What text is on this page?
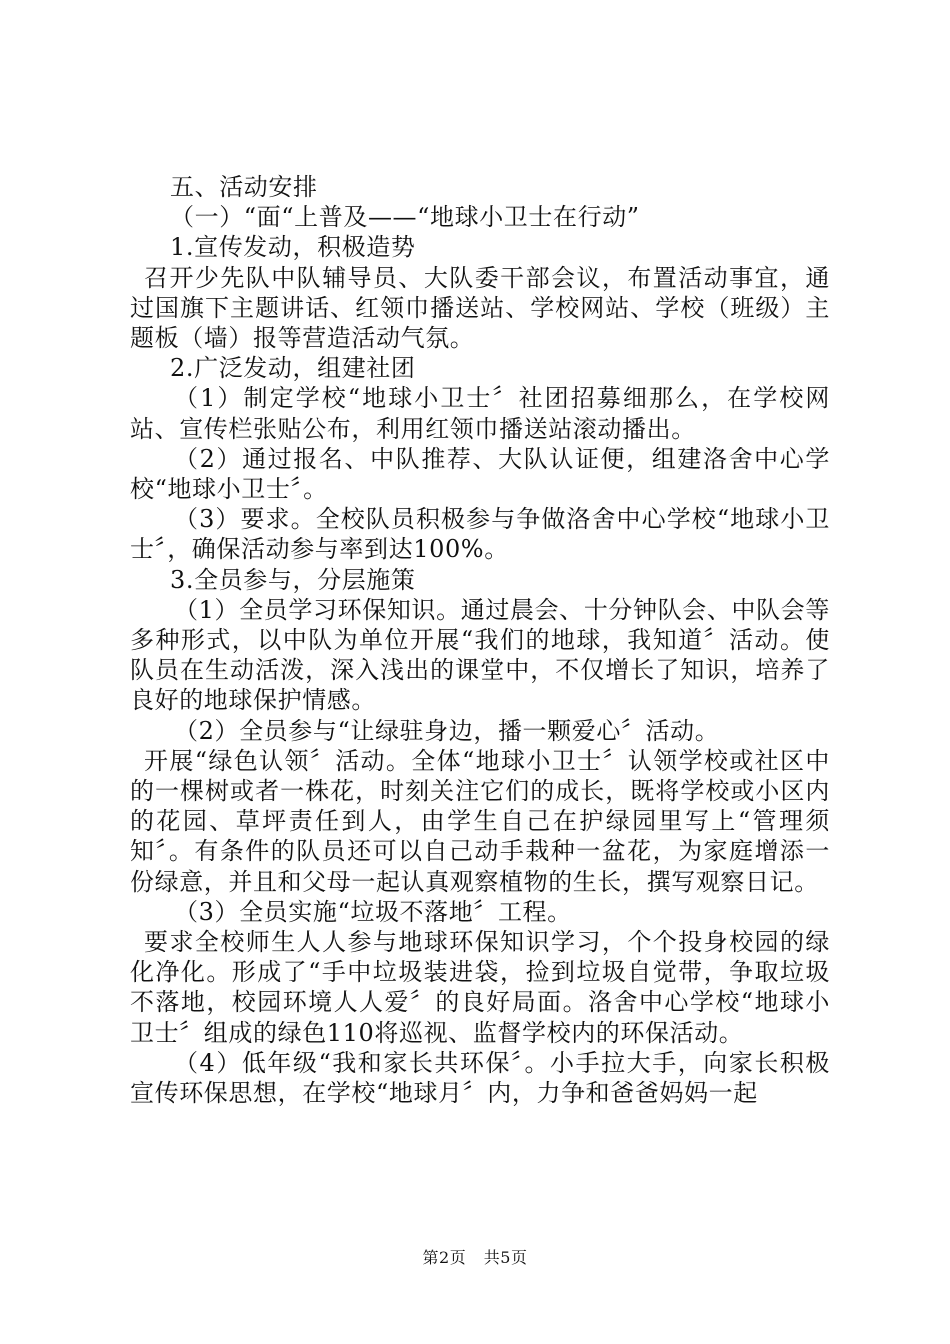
五、活动安排

（一）“面“上普及——“地球小卫士在行动”

1.宣传发动，积极造势

召开少先队中队辅导员、大队委干部会议，布置活动事宜，通过国旗下主题讲话、红领巾播送站、学校网站、学校（班级）主题板（墙）报等营造活动气氛。

2.广泛发动，组建社团

（1）制定学校“地球小卫士〞社团招募细那么，在学校网站、宣传栏张贴公布，利用红领巾播送站滚动播出。

（2）通过报名、中队推荐、大队认证便，组建洛舍中心学校“地球小卫士〞。

（3）要求。全校队员积极参与争做洛舍中心学校“地球小卫士〞，确保活动参与率到达100%。

3.全员参与，分层施策

（1）全员学习环保知识。通过晨会、十分钟队会、中队会等多种形式，以中队为单位开展“我们的地球，我知道〞活动。使队员在生动活泼，深入浅出的课堂中，不仅增长了知识，培养了良好的地球保护情感。

（2）全员参与“让绿驻身边，播一颗爱心〞活动。

开展“绿色认领〞活动。全体“地球小卫士〞认领学校或社区中的一棵树或者一株花，时刻关注它们的成长，既将学校或小区内的花园、草坪责任到人，由学生自己在护绿园里写上“管理须知〞。有条件的队员还可以自己动手栽种一盆花，为家庭增添一份绿意，并且和父母一起认真观察植物的生长，撰写观察日记。

（3）全员实施“垃圾不落地〞工程。

要求全校师生人人参与地球环保知识学习，个个投身校园的绿化净化。形成了“手中垃圾装进袋，捡到垃圾自觉带，争取垃圾不落地，校园环境人人爱〞的良好局面。洛舍中心学校“地球小卫士〞组成的绿色110将巡视、监督学校内的环保活动。

（4）低年级“我和家长共环保〞。小手拉大手，向家长积极宣传环保思想，在学校“地球月〞内，力争和爸爸妈妈一起

第2页 共5页
